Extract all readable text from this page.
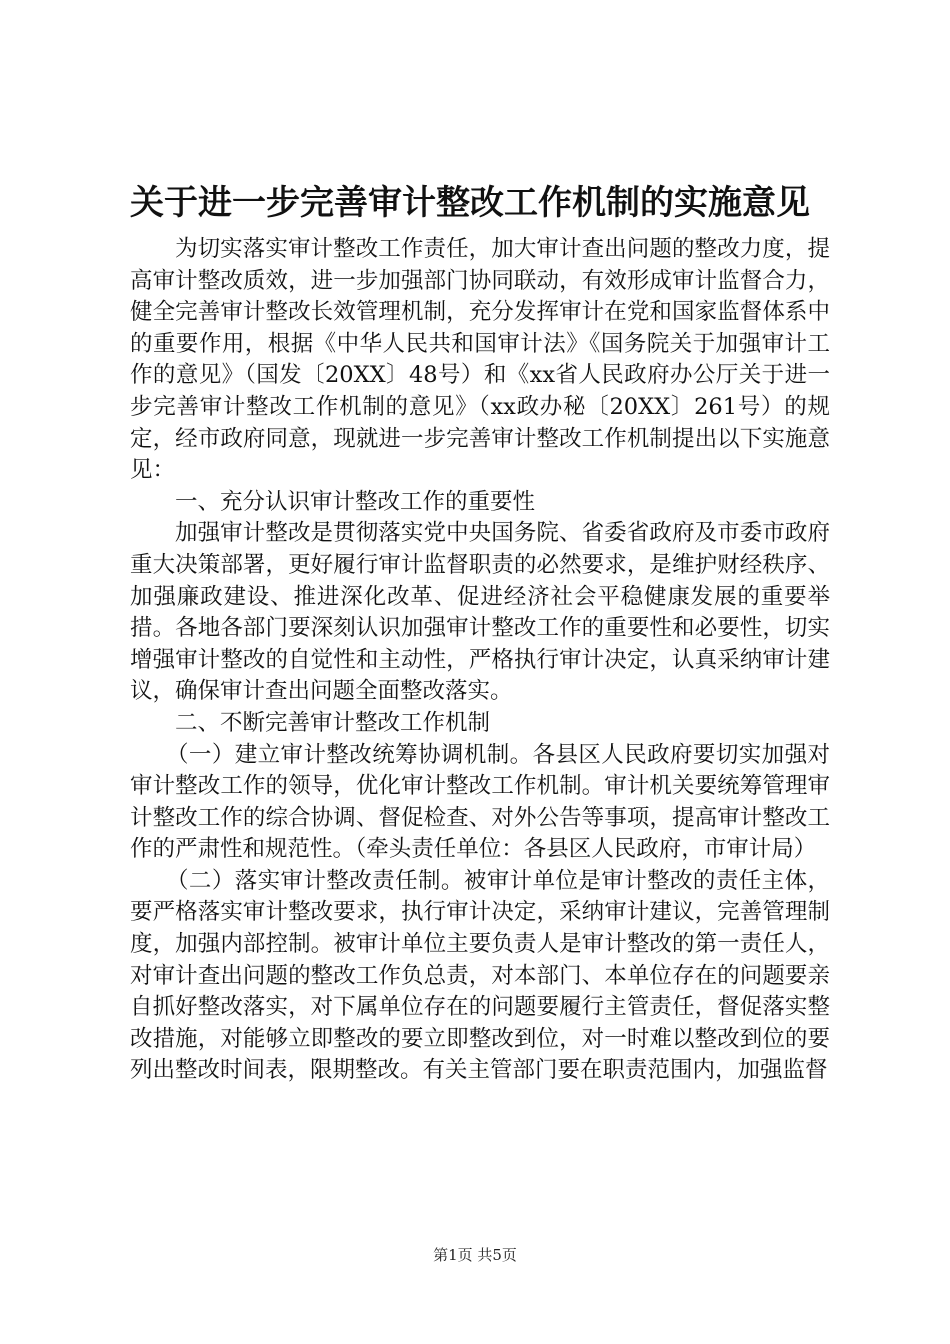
关于进一步完善审计整改工作机制的实施意见

为切实落实审计整改工作责任，加大审计查出问题的整改力度，提高审计整改质效，进一步加强部门协同联动，有效形成审计监督合力，健全完善审计整改长效管理机制，充分发挥审计在党和国家监督体系中的重要作用，根据《中华人民共和国审计法》《国务院关于加强审计工作的意见》（国发〔20XX〕48号）和《xx省人民政府办公厅关于进一步完善审计整改工作机制的意见》（xx政办秘〔20XX〕261号）的规定，经市政府同意，现就进一步完善审计整改工作机制提出以下实施意见：

一、充分认识审计整改工作的重要性

加强审计整改是贯彻落实党中央国务院、省委省政府及市委市政府重大决策部署，更好履行审计监督职责的必然要求，是维护财经秩序、加强廉政建设、推进深化改革、促进经济社会平稳健康发展的重要举措。各地各部门要深刻认识加强审计整改工作的重要性和必要性，切实增强审计整改的自觉性和主动性，严格执行审计决定，认真采纳审计建议，确保审计查出问题全面整改落实。

二、不断完善审计整改工作机制

（一）建立审计整改统筹协调机制。各县区人民政府要切实加强对审计整改工作的领导，优化审计整改工作机制。审计机关要统筹管理审计整改工作的综合协调、督促检查、对外公告等事项，提高审计整改工作的严肃性和规范性。（牵头责任单位：各县区人民政府，市审计局）

（二）落实审计整改责任制。被审计单位是审计整改的责任主体，要严格落实审计整改要求，执行审计决定，采纳审计建议，完善管理制度，加强内部控制。被审计单位主要负责人是审计整改的第一责任人，对审计查出问题的整改工作负总责，对本部门、本单位存在的问题要亲自抓好整改落实，对下属单位存在的问题要履行主管责任，督促落实整改措施，对能够立即整改的要立即整改到位，对一时难以整改到位的要列出整改时间表，限期整改。有关主管部门要在职责范围内，加强监督

第1页 共5页
